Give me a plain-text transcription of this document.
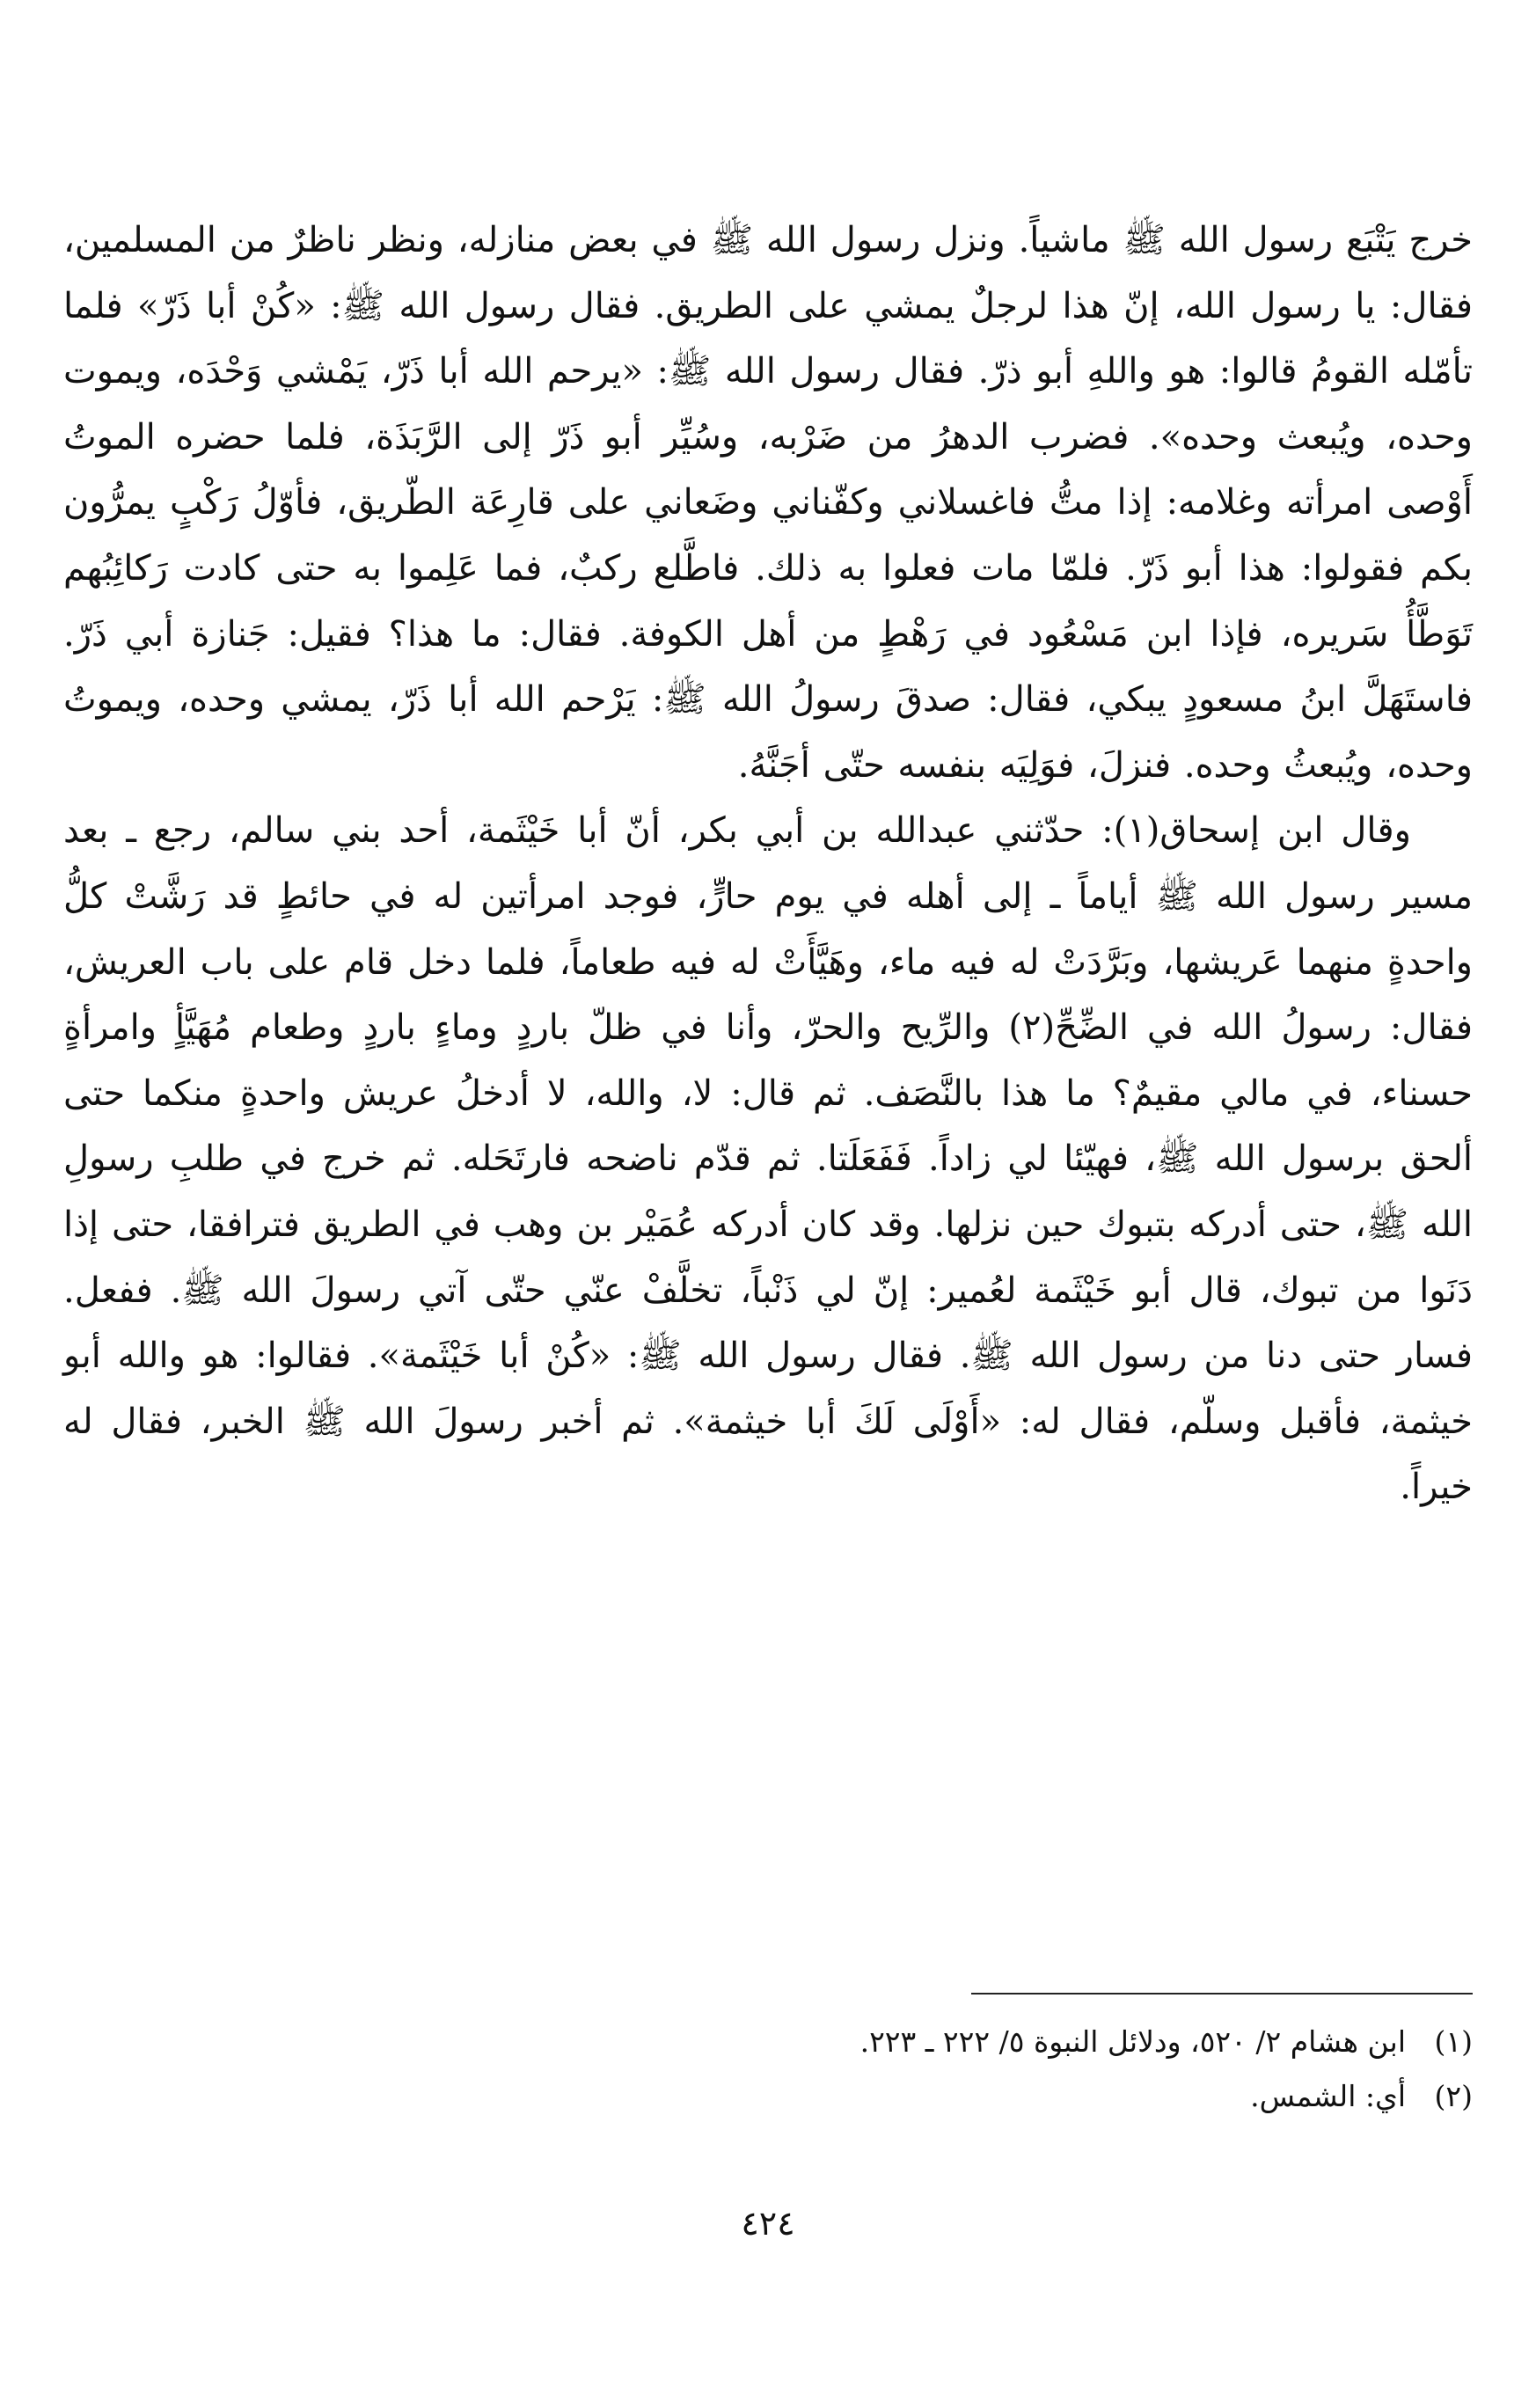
خرج يَتْبَع رسول الله ﷺ ماشياً. ونزل رسول الله ﷺ في بعض منازله، ونظر ناظرٌ من المسلمين، فقال: يا رسول الله، إنّ هذا لرجلٌ يمشي على الطريق. فقال رسول الله ﷺ: «كُنْ أبا ذَرّ» فلما تأمّله القومُ قالوا: هو واللهِ أبو ذرّ. فقال رسول الله ﷺ: «يرحم الله أبا ذَرّ، يَمْشي وَحْدَه، ويموت وحده، ويُبعث وحده». فضرب الدهرُ من ضَرْبه، وسُيِّر أبو ذَرّ إلى الرَّبَذَة، فلما حضره الموتُ أَوْصى امرأته وغلامه: إذا متُّ فاغسلاني وكفّناني وضَعاني على قارِعَة الطّريق، فأوّلُ رَكْبٍ يمرُّون بكم فقولوا: هذا أبو ذَرّ. فلمّا مات فعلوا به ذلك. فاطَّلع ركبٌ، فما عَلِموا به حتى كادت رَكائِبُهم تَوَطَّأُ سَريره، فإذا ابن مَسْعُود في رَهْطٍ من أهل الكوفة. فقال: ما هذا؟ فقيل: جَنازة أبي ذَرّ. فاستَهَلَّ ابنُ مسعودٍ يبكي، فقال: صدقَ رسولُ الله ﷺ: يَرْحم الله أبا ذَرّ، يمشي وحده، ويموتُ وحده، ويُبعثُ وحده. فنزلَ، فوَلِيَه بنفسه حتّى أجَنَّهُ.

وقال ابن إسحاق(١): حدّثني عبدالله بن أبي بكر، أنّ أبا خَيْثَمة، أحد بني سالم، رجع ـ بعد مسير رسول الله ﷺ أياماً ـ إلى أهله في يوم حارٍّ، فوجد امرأتين له في حائطٍ قد رَشَّتْ كلُّ واحدةٍ منهما عَريشها، وبَرَّدَتْ له فيه ماء، وهَيَّأَتْ له فيه طعاماً، فلما دخل قام على باب العريش، فقال: رسولُ الله في الضِّحِّ(٢) والرِّيح والحرّ، وأنا في ظلّ باردٍ وماءٍ باردٍ وطعام مُهَيَّأٍ وامرأةٍ حسناء، في مالي مقيمٌ؟ ما هذا بالنَّصَف. ثم قال: لا، والله، لا أدخلُ عريش واحدةٍ منكما حتى ألحق برسول الله ﷺ، فهيّئا لي زاداً. فَفَعَلَتا. ثم قدّم ناضحه فارتَحَله. ثم خرج في طلبِ رسولِ الله ﷺ، حتى أدركه بتبوك حين نزلها. وقد كان أدركه عُمَيْر بن وهب في الطريق فترافقا، حتى إذا دَنَوا من تبوك، قال أبو خَيْثَمة لعُمير: إنّ لي ذَنْباً، تخلَّفْ عنّي حتّى آتي رسولَ الله ﷺ. ففعل. فسار حتى دنا من رسول الله ﷺ. فقال رسول الله ﷺ: «كُنْ أبا خَيْثَمة». فقالوا: هو والله أبو خيثمة، فأقبل وسلّم، فقال له: «أَوْلَى لَكَ أبا خيثمة». ثم أخبر رسولَ الله ﷺ الخبر، فقال له خيراً.

(١)
ابن هشام ٢/ ٥٢٠، ودلائل النبوة ٥/ ٢٢٢ ـ ٢٢٣.
(٢)
أي: الشمس.
٤٢٤
